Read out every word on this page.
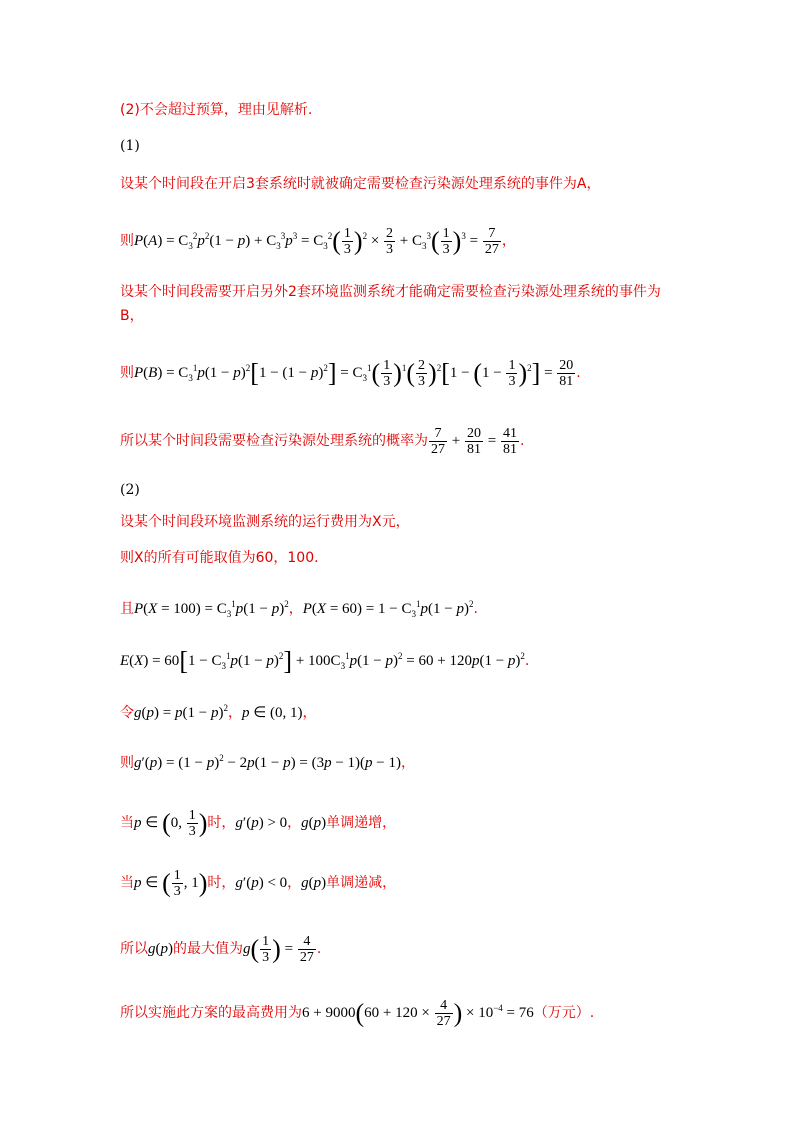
(2)不会超过预算，理由见解析.
(1)
设某个时间段在开启3套系统时就被确定需要检查污染源处理系统的事件为A，
则$P(A) = C_3^2p^2(1 - p) + C_3^3p^3 = C_3^2( \frac{1}{3} )^2 \times \frac{2}{3} + C_3^3( \frac{1}{3} )^3 = \frac{7}{27}$ ，
设某个时间段需要开启另外2套环境监测系统才能确定需要检查污染源处理系统的事件为
B，
则$P(B) = C_3^1p(1 - p)^2[1 - (1 - p)^2] = C_3^1( \frac{1}{3} )^1( \frac{2}{3} )^2[1 - (1 - \frac{1}{3} )^2] = \frac{20}{81}$ .
所以某个时间段需要检查污染源处理系统的概率为 $\frac{7}{27} + \frac{20}{81} = \frac{41}{81}$ .
(2)
设某个时间段环境监测系统的运行费用为X元，
则X的所有可能取值为60，100.
且$P(X = 100) = C_3^1p(1 - p)^2$，$P(X = 60) = 1 - C_3^1p(1 - p)^2$.
$E(X) = 60[1 - C_3^1p(1 - p)^2] + 100C_3^1p(1 - p)^2 = 60 + 120p(1 - p)^2$.
令$g(p) = p(1 - p)^2$，p ∈ (0, 1)，
则$g'(p) = (1 - p)^2 - 2p(1 - p) = (3p - 1)(p - 1)$，
当p ∈ (0, $\frac{1}{3}$ )时，g′(p) > 0，g(p)单调递增，
当p ∈ ( $\frac{1}{3}$ , 1)时，g′(p) < 0，g(p)单调递减，
所以g(p)的最大值为$g( \frac{1}{3}$ ) = $\frac{4}{27}$ .
所以实施此方案的最高费用为$6 + 9000(60 + 120 \times \frac{4}{27}$ ) × $10^{-4} = 76$（万元）.
